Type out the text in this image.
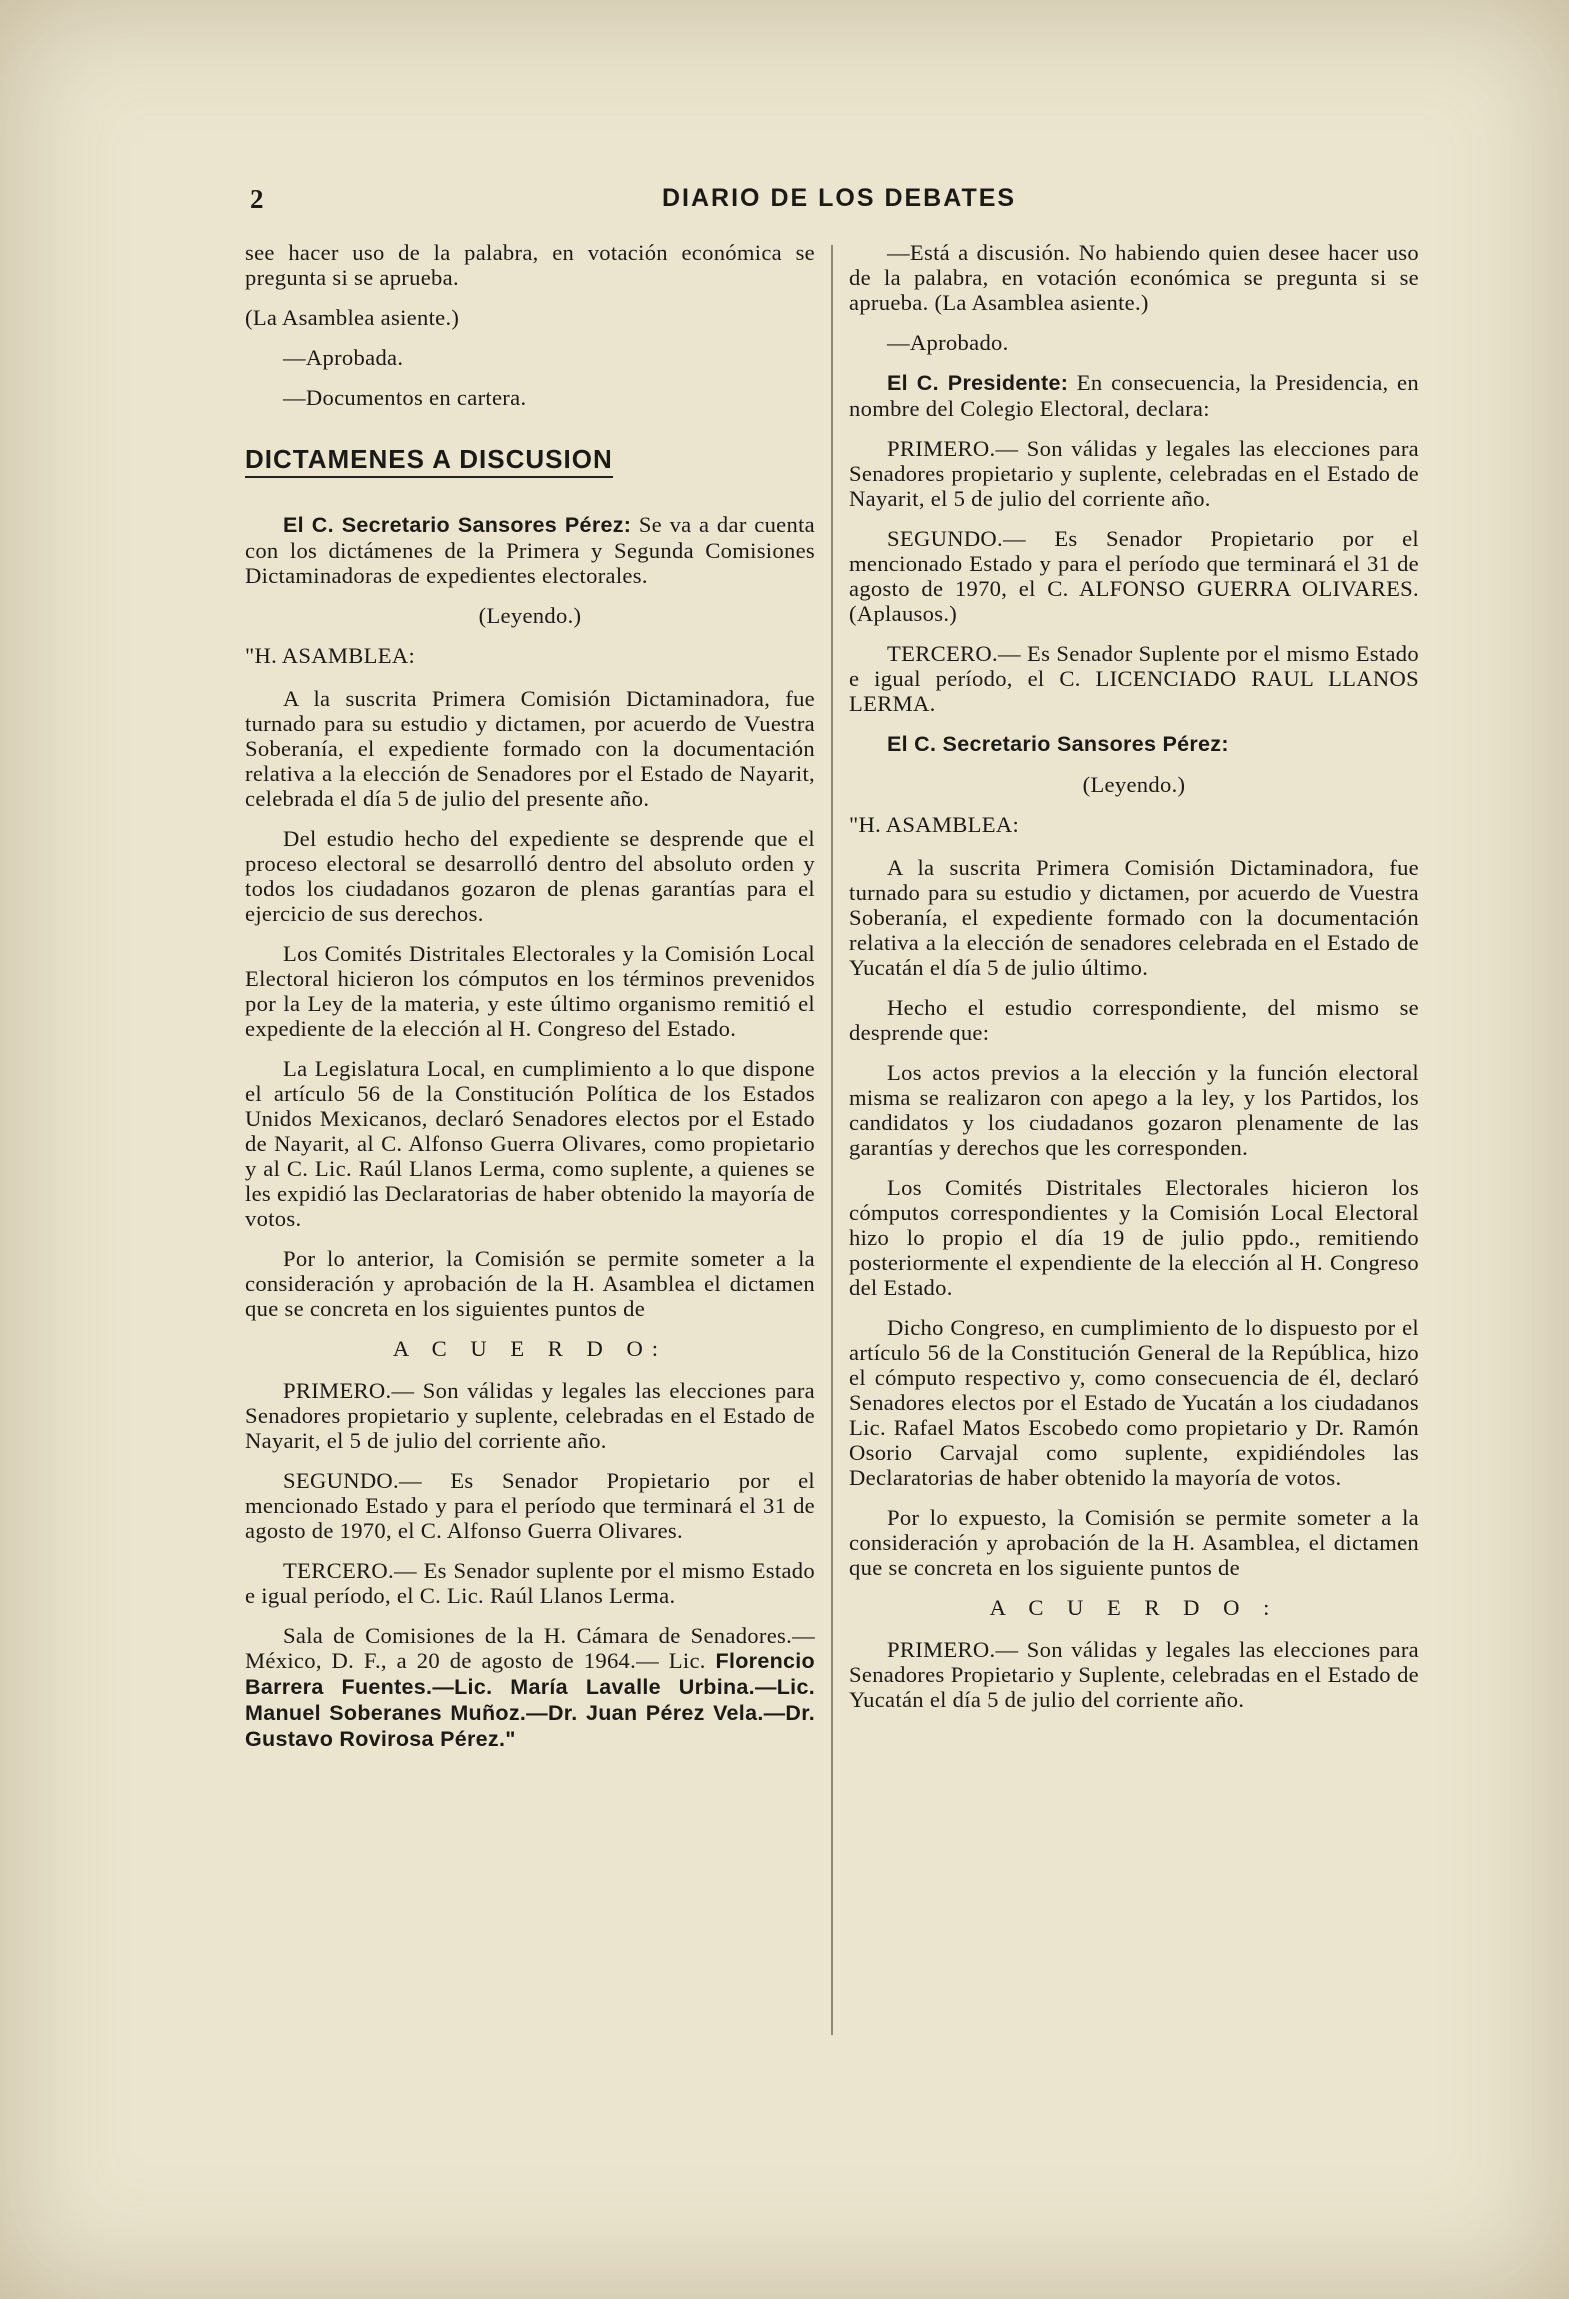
2	DIARIO DE LOS DEBATES

see hacer uso de la palabra, en votación económica se pregunta si se aprueba.

(La Asamblea asiente.)

—Aprobada.

—Documentos en cartera.

DICTAMENES A DISCUSION

El C. Secretario Sansores Pérez: Se va a dar cuenta con los dictámenes de la Primera y Segunda Comisiones Dictaminadoras de expedientes electorales.

(Leyendo.)

"H. ASAMBLEA:

A la suscrita Primera Comisión Dictaminadora, fue turnado para su estudio y dictamen, por acuerdo de Vuestra Soberanía, el expediente formado con la documentación relativa a la elección de Senadores por el Estado de Nayarit, celebrada el día 5 de julio del presente año.

Del estudio hecho del expediente se desprende que el proceso electoral se desarrolló dentro del absoluto orden y todos los ciudadanos gozaron de plenas garantías para el ejercicio de sus derechos.

Los Comités Distritales Electorales y la Comisión Local Electoral hicieron los cómputos en los términos prevenidos por la Ley de la materia, y este último organismo remitió el expediente de la elección al H. Congreso del Estado.

La Legislatura Local, en cumplimiento a lo que dispone el artículo 56 de la Constitución Política de los Estados Unidos Mexicanos, declaró Senadores electos por el Estado de Nayarit, al C. Alfonso Guerra Olivares, como propietario y al C. Lic. Raúl Llanos Lerma, como suplente, a quienes se les expidió las Declaratorias de haber obtenido la mayoría de votos.

Por lo anterior, la Comisión se permite someter a la consideración y aprobación de la H. Asamblea el dictamen que se concreta en los siguientes puntos de

A C U E R D O:

PRIMERO.— Son válidas y legales las elecciones para Senadores propietario y suplente, celebradas en el Estado de Nayarit, el 5 de julio del corriente año.

SEGUNDO.— Es Senador Propietario por el mencionado Estado y para el período que terminará el 31 de agosto de 1970, el C. Alfonso Guerra Olivares.

TERCERO.— Es Senador suplente por el mismo Estado e igual período, el C. Lic. Raúl Llanos Lerma.

Sala de Comisiones de la H. Cámara de Senadores.— México, D. F., a 20 de agosto de 1964.— Lic. Florencio Barrera Fuentes.—Lic. María Lavalle Urbina.—Lic. Manuel Soberanes Muñoz.—Dr. Juan Pérez Vela.—Dr. Gustavo Rovirosa Pérez."

—Está a discusión. No habiendo quien desee hacer uso de la palabra, en votación económica se pregunta si se aprueba. (La Asamblea asiente.)

—Aprobado.

El C. Presidente: En consecuencia, la Presidencia, en nombre del Colegio Electoral, declara:

PRIMERO.— Son válidas y legales las elecciones para Senadores propietario y suplente, celebradas en el Estado de Nayarit, el 5 de julio del corriente año.

SEGUNDO.— Es Senador Propietario por el mencionado Estado y para el período que terminará el 31 de agosto de 1970, el C. ALFONSO GUERRA OLIVARES. (Aplausos.)

TERCERO.— Es Senador Suplente por el mismo Estado e igual período, el C. LICENCIADO RAUL LLANOS LERMA.

El C. Secretario Sansores Pérez:

(Leyendo.)

"H. ASAMBLEA:

A la suscrita Primera Comisión Dictaminadora, fue turnado para su estudio y dictamen, por acuerdo de Vuestra Soberanía, el expediente formado con la documentación relativa a la elección de senadores celebrada en el Estado de Yucatán el día 5 de julio último.

Hecho el estudio correspondiente, del mismo se desprende que:

Los actos previos a la elección y la función electoral misma se realizaron con apego a la ley, y los Partidos, los candidatos y los ciudadanos gozaron plenamente de las garantías y derechos que les corresponden.

Los Comités Distritales Electorales hicieron los cómputos correspondientes y la Comisión Local Electoral hizo lo propio el día 19 de julio ppdo., remitiendo posteriormente el expendiente de la elección al H. Congreso del Estado.

Dicho Congreso, en cumplimiento de lo dispuesto por el artículo 56 de la Constitución General de la República, hizo el cómputo respectivo y, como consecuencia de él, declaró Senadores electos por el Estado de Yucatán a los ciudadanos Lic. Rafael Matos Escobedo como propietario y Dr. Ramón Osorio Carvajal como suplente, expidiéndoles las Declaratorias de haber obtenido la mayoría de votos.

Por lo expuesto, la Comisión se permite someter a la consideración y aprobación de la H. Asamblea, el dictamen que se concreta en los siguiente puntos de

A C U E R D O :

PRIMERO.— Son válidas y legales las elecciones para Senadores Propietario y Suplente, celebradas en el Estado de Yucatán el día 5 de julio del corriente año.
